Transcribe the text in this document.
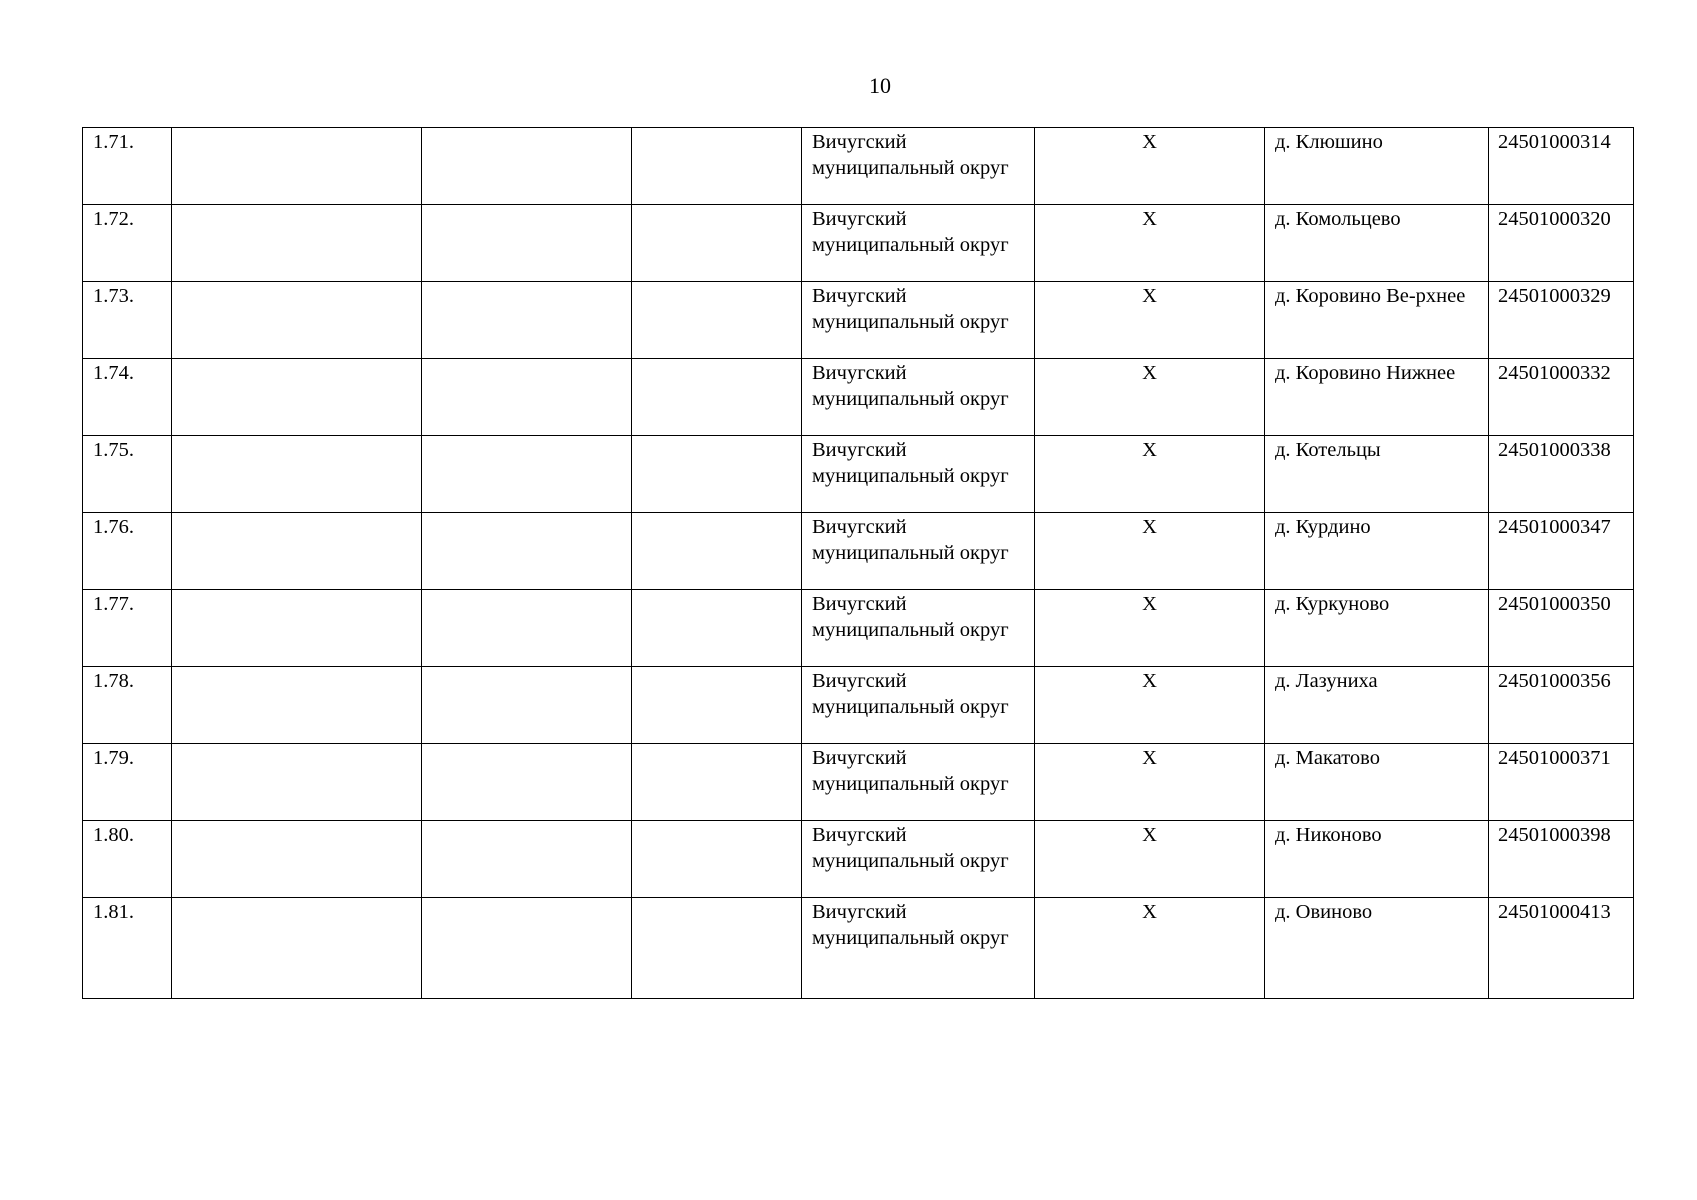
10
1.71.				Вичугский муниципальный округ	Х	д. Клюшино	24501000314
1.72.				Вичугский муниципальный округ	Х	д. Комольцево	24501000320
1.73.				Вичугский муниципальный округ	Х	д. Коровино Ве-рхнее	24501000329
1.74.				Вичугский муниципальный округ	Х	д. Коровино Нижнее	24501000332
1.75.				Вичугский муниципальный округ	Х	д. Котельцы	24501000338
1.76.				Вичугский муниципальный округ	Х	д. Курдино	24501000347
1.77.				Вичугский муниципальный округ	Х	д. Куркуново	24501000350
1.78.				Вичугский муниципальный округ	Х	д. Лазуниха	24501000356
1.79.				Вичугский муниципальный округ	Х	д. Макатово	24501000371
1.80.				Вичугский муниципальный округ	Х	д. Никоново	24501000398
1.81.				Вичугский муниципальный округ	Х	д. Овиново	24501000413
